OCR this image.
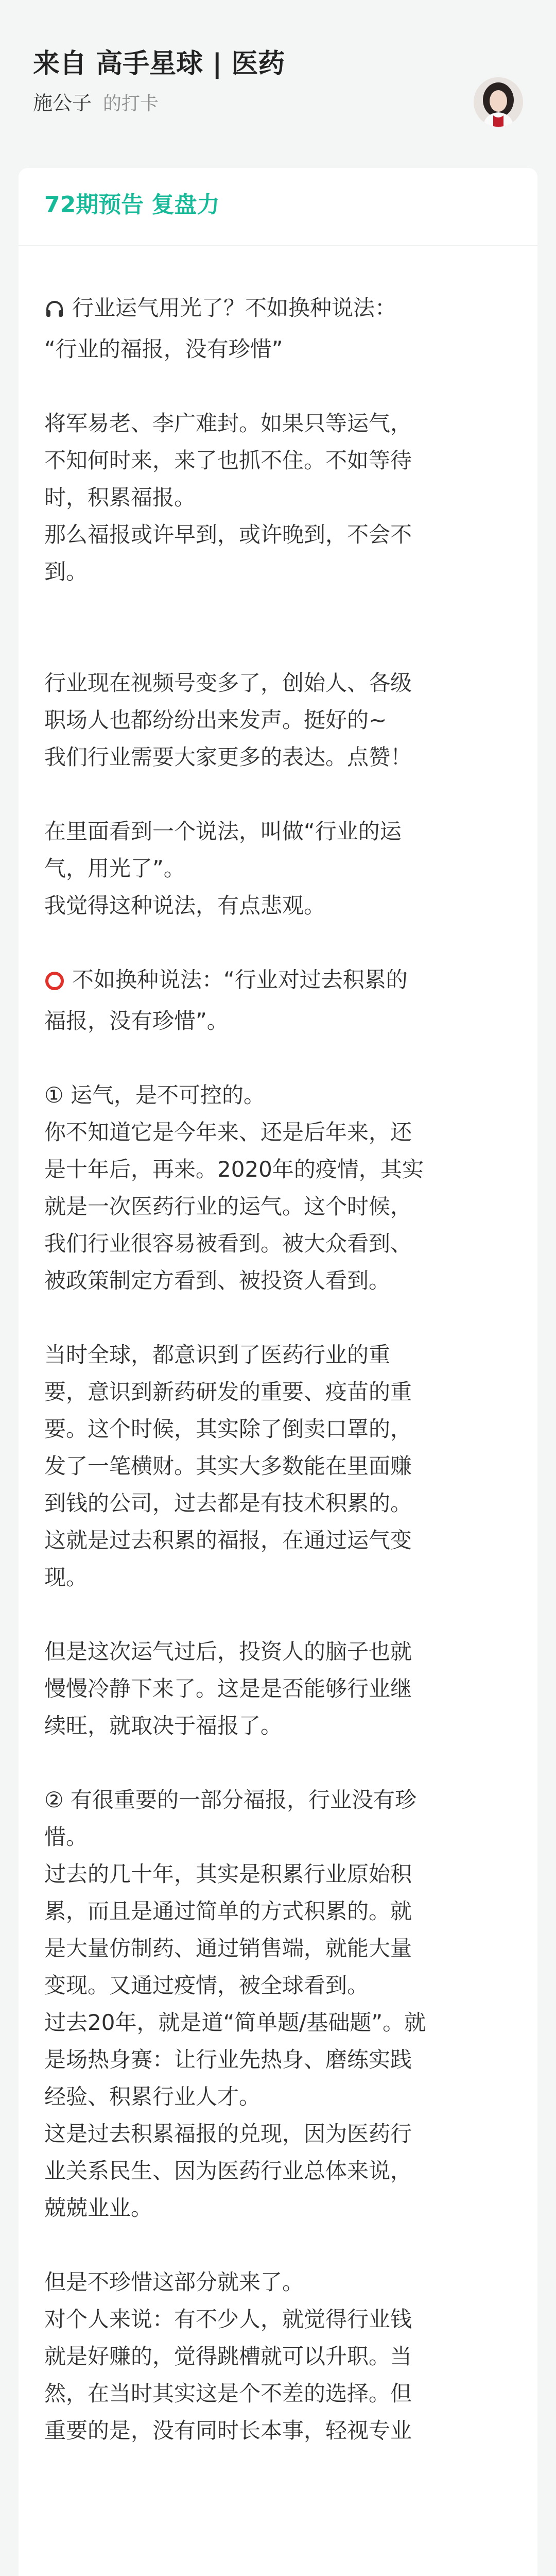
来自 高手星球 | 医药
施公子 的打卡
72期预告 复盘力
行业运气用光了？不如换种说法：
“行业的福报，没有珍惜”
将军易老、李广难封。如果只等运气，
不知何时来，来了也抓不住。不如等待
时，积累福报。
那么福报或许早到，或许晚到，不会不
到。
行业现在视频号变多了，创始人、各级
职场人也都纷纷出来发声。挺好的~
我们行业需要大家更多的表达。点赞！
在里面看到一个说法，叫做“行业的运
气，用光了”。
我觉得这种说法，有点悲观。
不如换种说法：“行业对过去积累的
福报，没有珍惜”。
① 运气，是不可控的。
你不知道它是今年来、还是后年来，还
是十年后，再来。2020年的疫情，其实
就是一次医药行业的运气。这个时候，
我们行业很容易被看到。被大众看到、
被政策制定方看到、被投资人看到。
当时全球，都意识到了医药行业的重
要，意识到新药研发的重要、疫苗的重
要。这个时候，其实除了倒卖口罩的，
发了一笔横财。其实大多数能在里面赚
到钱的公司，过去都是有技术积累的。
这就是过去积累的福报，在通过运气变
现。
但是这次运气过后，投资人的脑子也就
慢慢冷静下来了。这是是否能够行业继
续旺，就取决于福报了。
② 有很重要的一部分福报，行业没有珍
惜。
过去的几十年，其实是积累行业原始积
累，而且是通过简单的方式积累的。就
是大量仿制药、通过销售端，就能大量
变现。又通过疫情，被全球看到。
过去20年，就是道“简单题/基础题”。就
是场热身赛：让行业先热身、磨练实践
经验、积累行业人才。
这是过去积累福报的兑现，因为医药行
业关系民生、因为医药行业总体来说，
兢兢业业。
但是不珍惜这部分就来了。
对个人来说：有不少人，就觉得行业钱
就是好赚的，觉得跳槽就可以升职。当
然，在当时其实这是个不差的选择。但
重要的是，没有同时长本事，轻视专业
